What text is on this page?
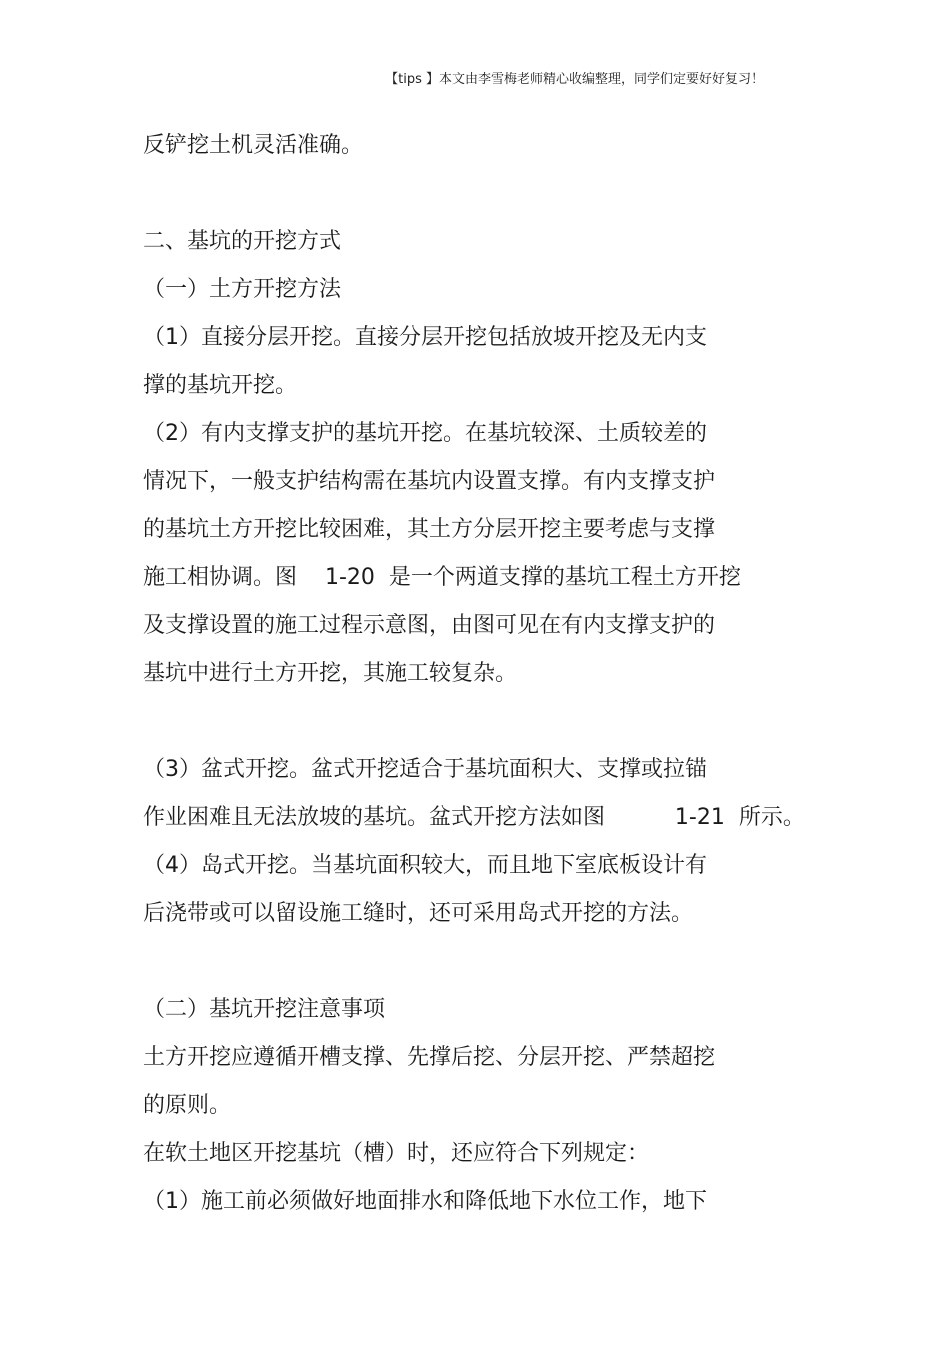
【tips 】本文由李雪梅老师精心收编整理，同学们定要好好复习！
反铲挖土机灵活准确。
二、基坑的开挖方式
（一）土方开挖方法
（1）直接分层开挖。直接分层开挖包括放坡开挖及无内支
撑的基坑开挖。
（2）有内支撑支护的基坑开挖。在基坑较深、土质较差的
情况下，一般支护结构需在基坑内设置支撑。有内支撑支护
的基坑土方开挖比较困难，其土方分层开挖主要考虑与支撑
施工相协调。图    1-20  是一个两道支撑的基坑工程土方开挖
及支撑设置的施工过程示意图，由图可见在有内支撑支护的
基坑中进行土方开挖，其施工较复杂。
（3）盆式开挖。盆式开挖适合于基坑面积大、支撑或拉锚
作业困难且无法放坡的基坑。盆式开挖方法如图          1-21  所示。
（4）岛式开挖。当基坑面积较大，而且地下室底板设计有
后浇带或可以留设施工缝时，还可采用岛式开挖的方法。
（二）基坑开挖注意事项
土方开挖应遵循开槽支撑、先撑后挖、分层开挖、严禁超挖
的原则。
在软土地区开挖基坑（槽）时，还应符合下列规定：
（1）施工前必须做好地面排水和降低地下水位工作，地下
